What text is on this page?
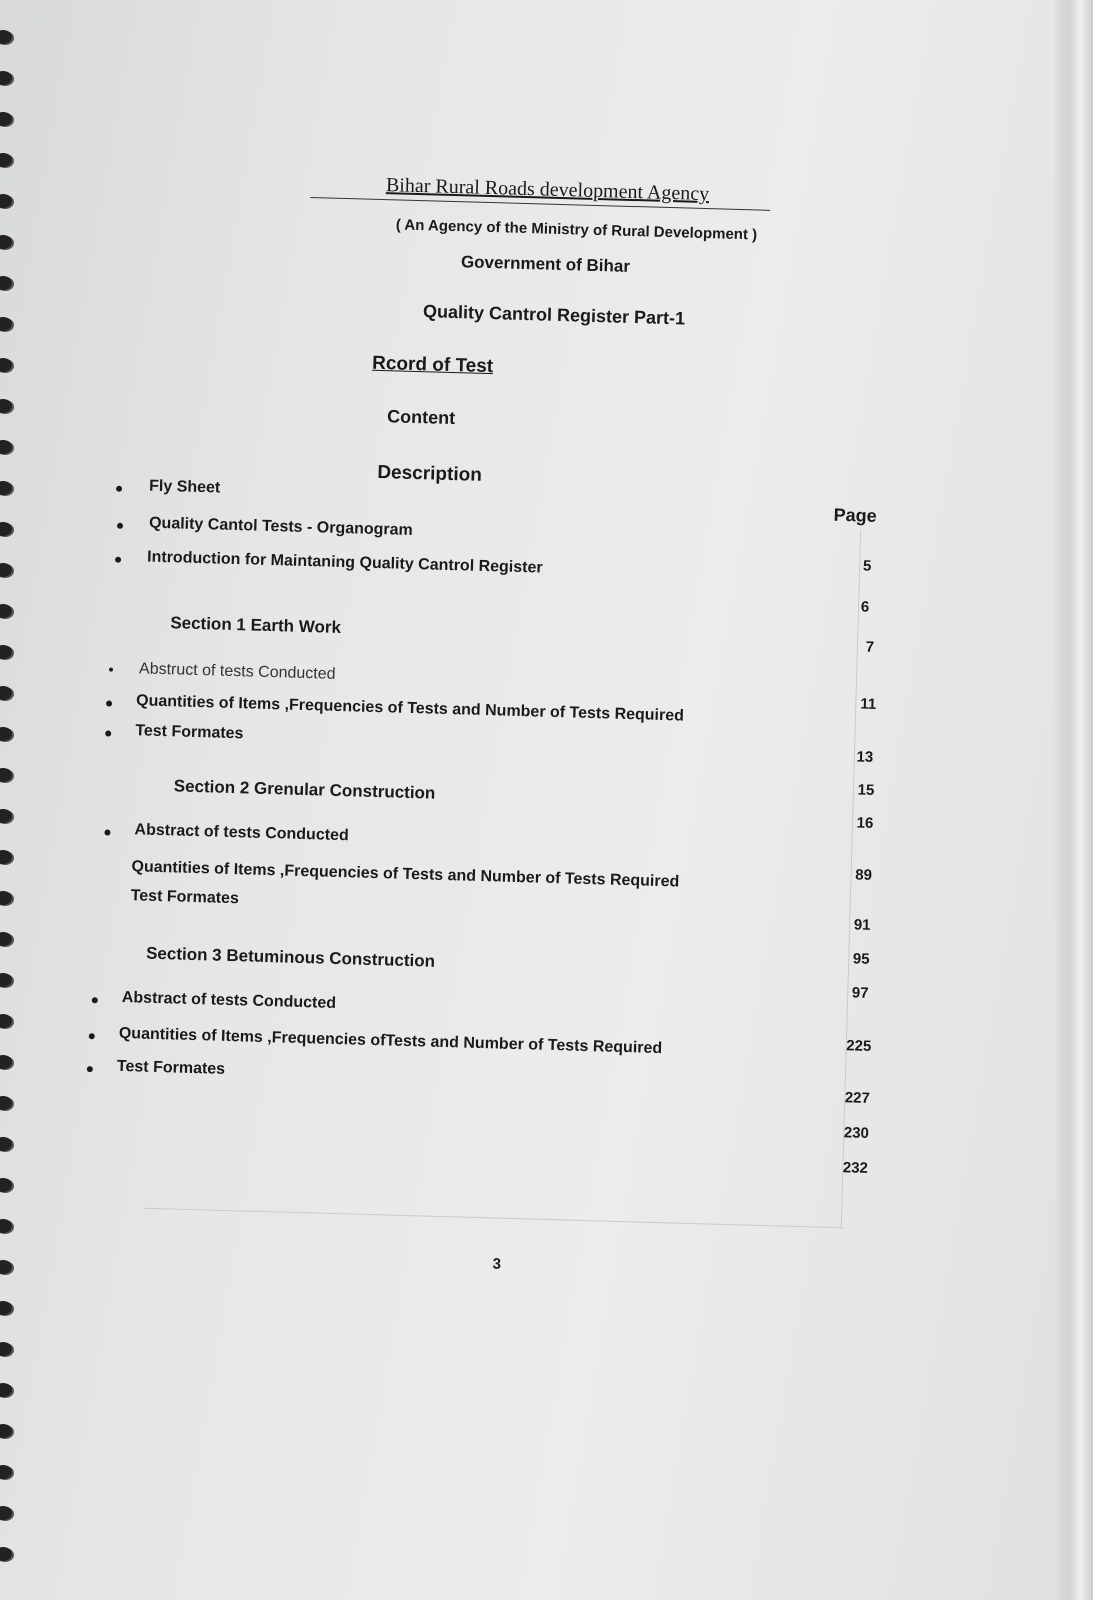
Bihar Rural Roads development Agency
( An Agency of the Ministry of Rural Development )
Government of Bihar
Quality Cantrol Register Part-1
Rcord of Test
Content
Description
Page
Fly Sheet
Quality Cantol Tests - Organogram
Introduction for Maintaning Quality Cantrol Register
Section 1 Earth Work
Abstruct of tests Conducted
Quantities of Items ,Frequencies of Tests and Number of Tests Required
Test Formates
Section 2 Grenular Construction
Abstract of tests Conducted
Quantities of Items ,Frequencies of Tests and Number of Tests Required
Test Formates
Section 3 Betuminous Construction
Abstract of tests Conducted
Quantities of Items ,Frequencies ofTests and Number of Tests Required
Test Formates
5
6
7
11
13
15
16
89
91
95
97
225
227
230
232
3
